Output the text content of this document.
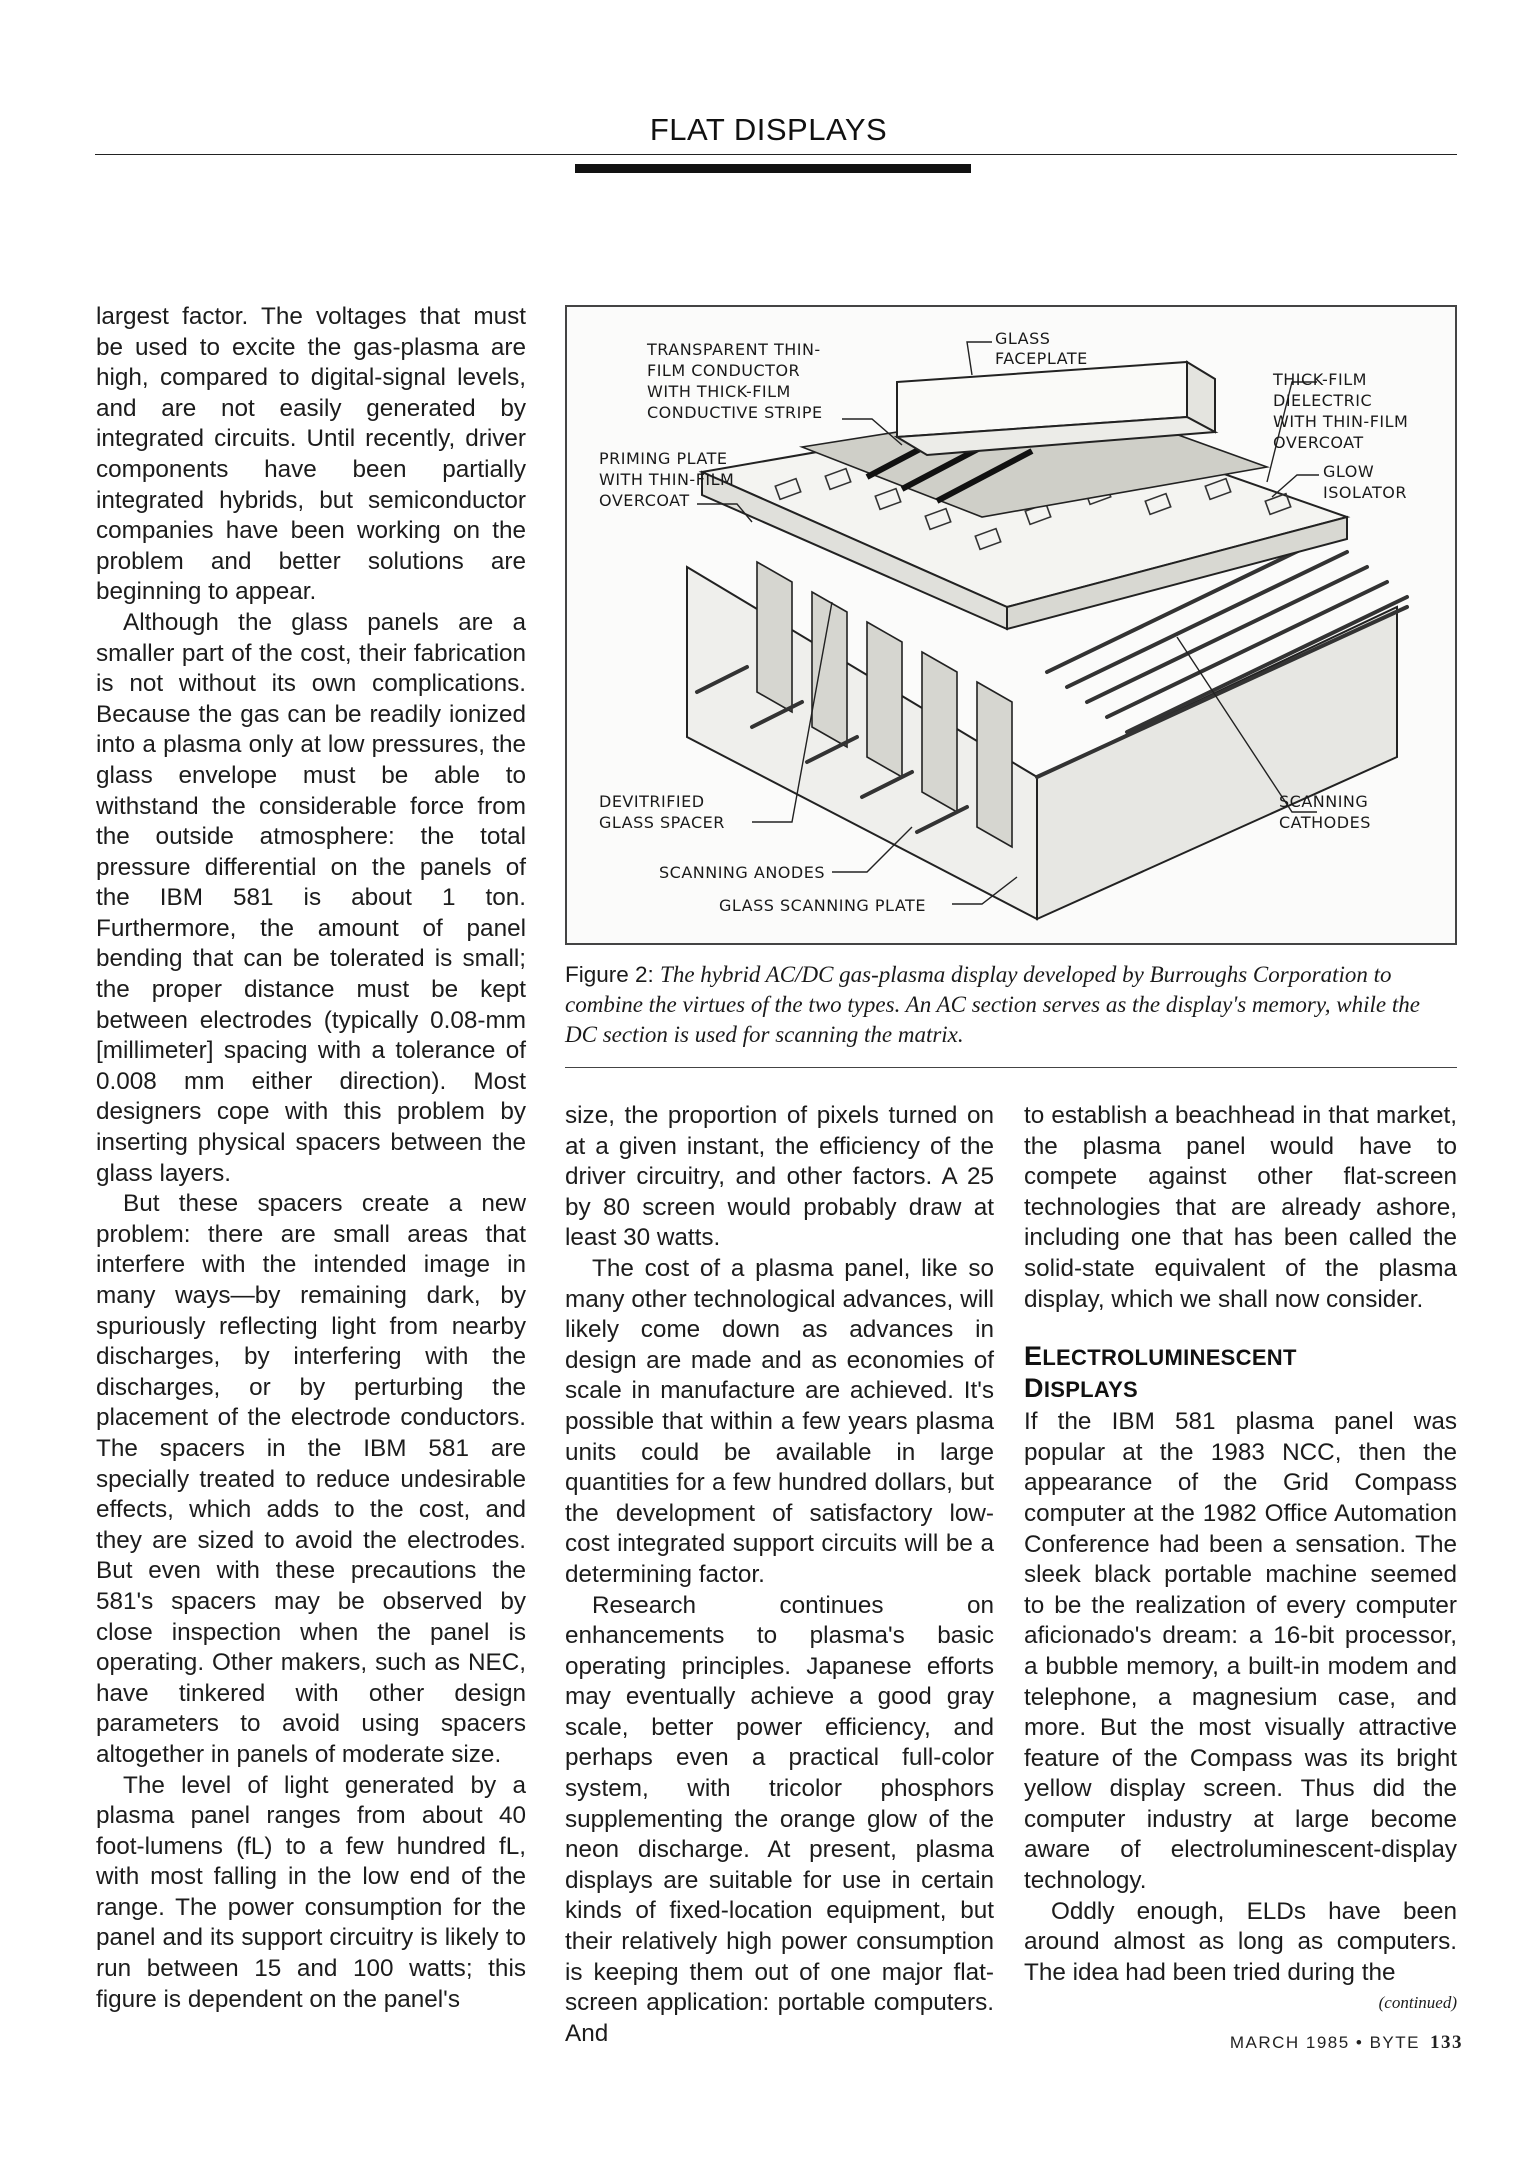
FLAT DISPLAYS

largest factor. The voltages that must be used to excite the gas-plasma are high, compared to digital-signal levels, and are not easily generated by integrated circuits. Until recently, driver components have been partially integrated hybrids, but semiconductor companies have been working on the problem and better solutions are beginning to appear.

Although the glass panels are a smaller part of the cost, their fabrication is not without its own complications. Because the gas can be readily ionized into a plasma only at low pressures, the glass envelope must be able to withstand the considerable force from the outside atmosphere: the total pressure differential on the panels of the IBM 581 is about 1 ton. Furthermore, the amount of panel bending that can be tolerated is small; the proper distance must be kept between electrodes (typically 0.08-mm [millimeter] spacing with a tolerance of 0.008 mm either direction). Most designers cope with this problem by inserting physical spacers between the glass layers.

But these spacers create a new problem: there are small areas that interfere with the intended image in many ways—by remaining dark, by spuriously reflecting light from nearby discharges, by interfering with the discharges, or by perturbing the placement of the electrode conductors. The spacers in the IBM 581 are specially treated to reduce undesirable effects, which adds to the cost, and they are sized to avoid the electrodes. But even with these precautions the 581's spacers may be observed by close inspection when the panel is operating. Other makers, such as NEC, have tinkered with other design parameters to avoid using spacers altogether in panels of moderate size.

The level of light generated by a plasma panel ranges from about 40 foot-lumens (fL) to a few hundred fL, with most falling in the low end of the range. The power consumption for the panel and its support circuitry is likely to run between 15 and 100 watts; this figure is dependent on the panel's

TRANSPARENT THIN-
FILM CONDUCTOR
WITH THICK-FILM
CONDUCTIVE STRIPE
GLASS
FACEPLATE
THICK-FILM
DIELECTRIC
WITH THIN-FILM
OVERCOAT
PRIMING PLATE
WITH THIN-FILM
OVERCOAT
GLOW
ISOLATOR
DEVITRIFIED
GLASS SPACER
SCANNING
CATHODES
SCANNING ANODES
GLASS SCANNING PLATE
Figure 2: The hybrid AC/DC gas-plasma display developed by Burroughs Corporation to combine the virtues of the two types. An AC section serves as the display's memory, while the DC section is used for scanning the matrix.

size, the proportion of pixels turned on at a given instant, the efficiency of the driver circuitry, and other factors. A 25 by 80 screen would probably draw at least 30 watts.

The cost of a plasma panel, like so many other technological advances, will likely come down as advances in design are made and as economies of scale in manufacture are achieved. It's possible that within a few years plasma units could be available in large quantities for a few hundred dollars, but the development of satisfactory low-cost integrated support circuits will be a determining factor.

Research continues on enhancements to plasma's basic operating principles. Japanese efforts may eventually achieve a good gray scale, better power efficiency, and perhaps even a practical full-color system, with tricolor phosphors supplementing the orange glow of the neon discharge. At present, plasma displays are suitable for use in certain kinds of fixed-location equipment, but their relatively high power consumption is keeping them out of one major flat-screen application: portable computers. And

to establish a beachhead in that market, the plasma panel would have to compete against other flat-screen technologies that are already ashore, including one that has been called the solid-state equivalent of the plasma display, which we shall now consider.

ELECTROLUMINESCENT
DISPLAYS

If the IBM 581 plasma panel was popular at the 1983 NCC, then the appearance of the Grid Compass computer at the 1982 Office Automation Conference had been a sensation. The sleek black portable machine seemed to be the realization of every computer aficionado's dream: a 16-bit processor, a bubble memory, a built-in modem and telephone, a magnesium case, and more. But the most visually attractive feature of the Compass was its bright yellow display screen. Thus did the computer industry at large become aware of electroluminescent-display technology.

Oddly enough, ELDs have been around almost as long as computers. The idea had been tried during the

(continued)
MARCH 1985 • BYTE 133
